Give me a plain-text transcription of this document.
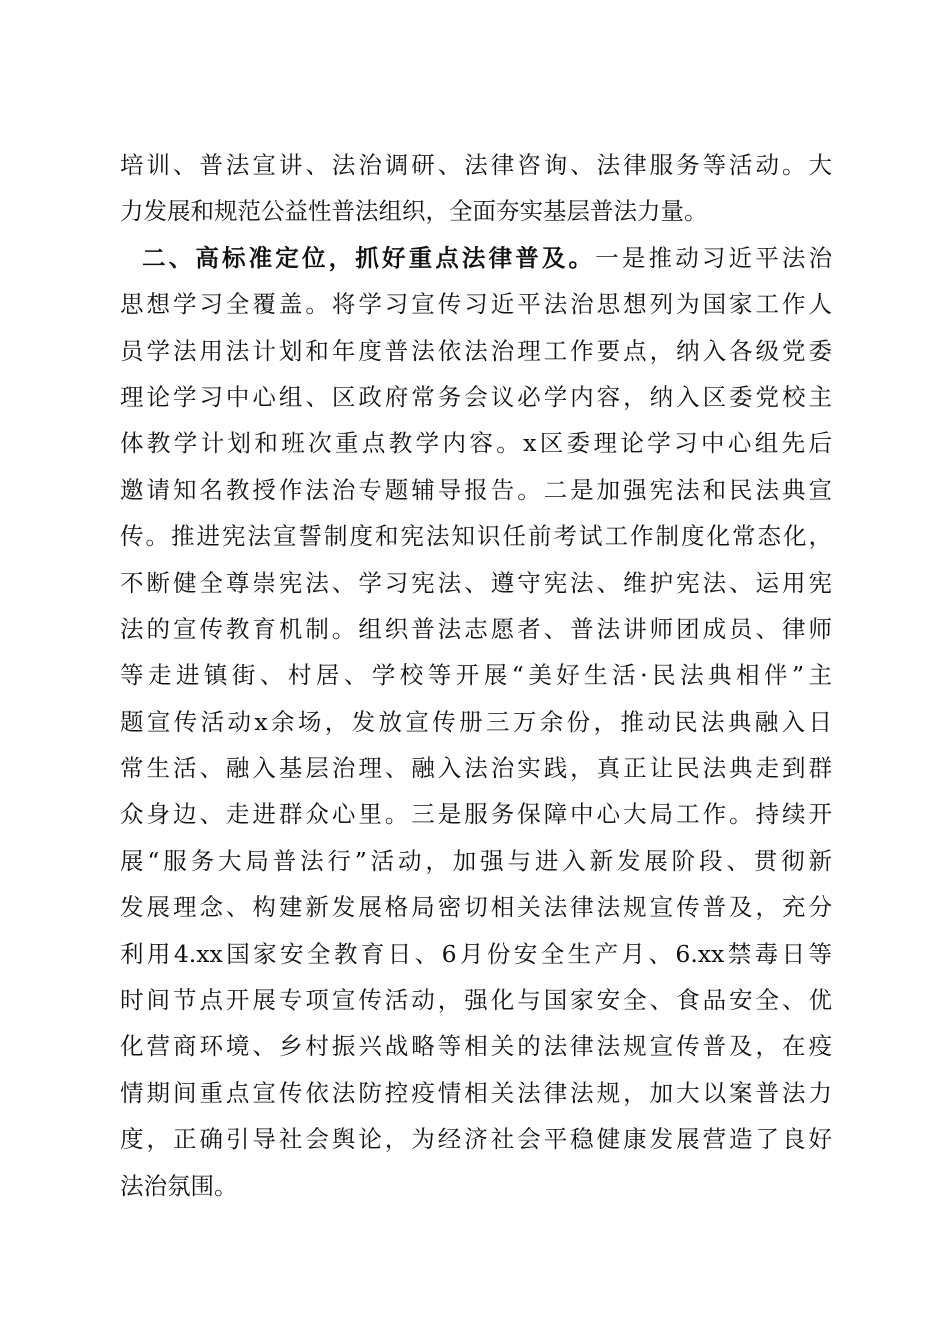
培训、普法宣讲、法治调研、法律咨询、法律服务等活动。大
力发展和规范公益性普法组织，全面夯实基层普法力量。
二、高标准定位，抓好重点法律普及。一是推动习近平法治
思想学习全覆盖。将学习宣传习近平法治思想列为国家工作人
员学法用法计划和年度普法依法治理工作要点，纳入各级党委
理论学习中心组、区政府常务会议必学内容，纳入区委党校主
体教学计划和班次重点教学内容。x区委理论学习中心组先后
邀请知名教授作法治专题辅导报告。二是加强宪法和民法典宣
传。推进宪法宣誓制度和宪法知识任前考试工作制度化常态化，
不断健全尊崇宪法、学习宪法、遵守宪法、维护宪法、运用宪
法的宣传教育机制。组织普法志愿者、普法讲师团成员、律师
等走进镇街、村居、学校等开展“美好生活·民法典相伴”主
题宣传活动x余场，发放宣传册三万余份，推动民法典融入日
常生活、融入基层治理、融入法治实践，真正让民法典走到群
众身边、走进群众心里。三是服务保障中心大局工作。持续开
展“服务大局普法行”活动，加强与进入新发展阶段、贯彻新
发展理念、构建新发展格局密切相关法律法规宣传普及，充分
利用4.xx国家安全教育日、6月份安全生产月、6.xx禁毒日等
时间节点开展专项宣传活动，强化与国家安全、食品安全、优
化营商环境、乡村振兴战略等相关的法律法规宣传普及，在疫
情期间重点宣传依法防控疫情相关法律法规，加大以案普法力
度，正确引导社会舆论，为经济社会平稳健康发展营造了良好
法治氛围。
